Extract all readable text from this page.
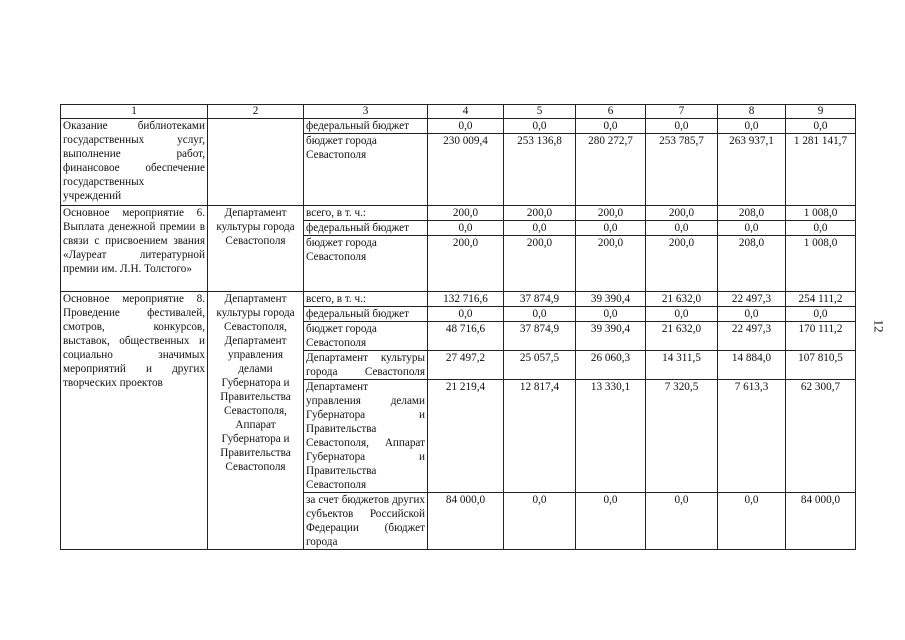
1	2	3	4	5	6	7	8	9
Оказание библиотеками государственных услуг, выполнение работ, финансовое обеспечение государственных учреждений		федеральный бюджет	0,0	0,0	0,0	0,0	0,0	0,0
		бюджет города Севастополя	230 009,4	253 136,8	280 272,7	253 785,7	263 937,1	1 281 141,7
Основное мероприятие 6. Выплата денежной премии в связи с присвоением звания «Лауреат литературной премии им. Л.Н. Толстого»	Департамент культуры города Севастополя	всего, в т. ч.:	200,0	200,0	200,0	200,0	208,0	1 008,0
		федеральный бюджет	0,0	0,0	0,0	0,0	0,0	0,0
		бюджет города Севастополя	200,0	200,0	200,0	200,0	208,0	1 008,0
Основное мероприятие 8. Проведение фестивалей, смотров, конкурсов, выставок, общественных и социально значимых мероприятий и других творческих проектов	Департамент культуры города Севастополя, Департамент управления делами Губернатора и Правительства Севастополя, Аппарат Губернатора и Правительства Севастополя	всего, в т. ч.:	132 716,6	37 874,9	39 390,4	21 632,0	22 497,3	254 111,2
		федеральный бюджет	0,0	0,0	0,0	0,0	0,0	0,0
		бюджет города Севастополя	48 716,6	37 874,9	39 390,4	21 632,0	22 497,3	170 111,2
		Департамент культуры города Севастополя	27 497,2	25 057,5	26 060,3	14 311,5	14 884,0	107 810,5
		Департамент управления делами Губернатора и Правительства Севастополя, Аппарат Губернатора и Правительства Севастополя	21 219,4	12 817,4	13 330,1	7 320,5	7 613,3	62 300,7

		за счет бюджетов других субъектов Российской Федерации (бюджет города	84 000,0	0,0	0,0	0,0	0,0	84 000,0
12
